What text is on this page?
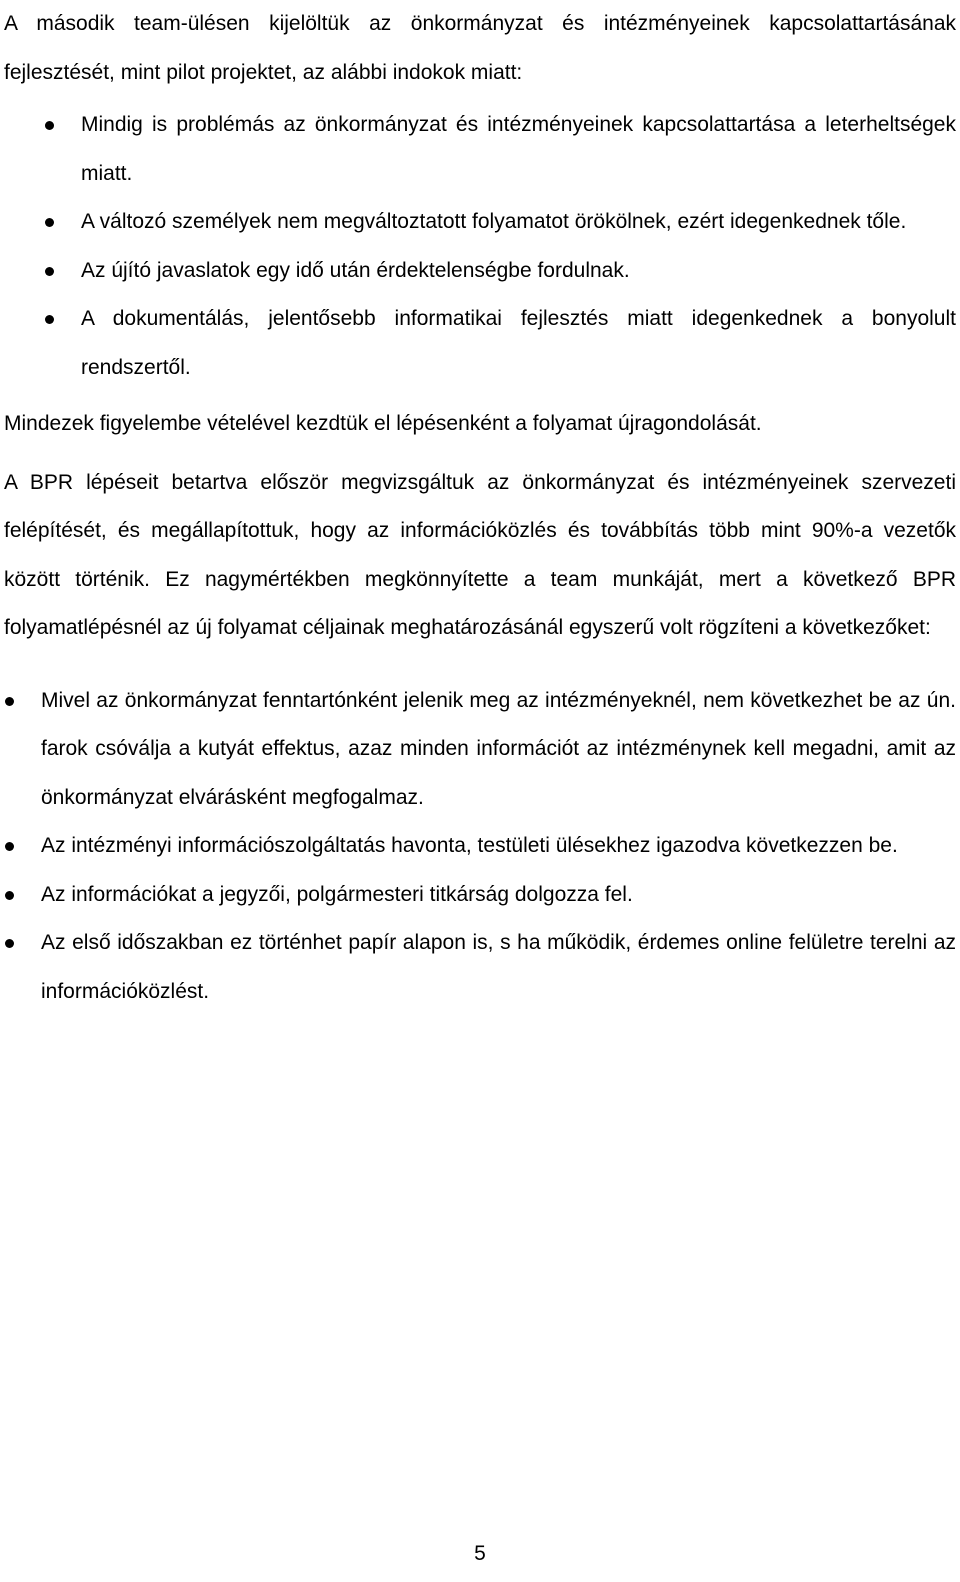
A második team-ülésen kijelöltük az önkormányzat és intézményeinek kapcsolattartásának fejlesztését, mint pilot projektet, az alábbi indokok miatt:

Mindig is problémás az önkormányzat és intézményeinek kapcsolattartása a leterheltségek miatt.
A változó személyek nem megváltoztatott folyamatot örökölnek, ezért idegenkednek tőle.
Az újító javaslatok egy idő után érdektelenségbe fordulnak.
A dokumentálás, jelentősebb informatikai fejlesztés miatt idegenkednek a bonyolult rendszertől.

Mindezek figyelembe vételével kezdtük el lépésenként a folyamat újragondolását.

A BPR lépéseit betartva először megvizsgáltuk az önkormányzat és intézményeinek szervezeti felépítését, és megállapítottuk, hogy az információközlés és továbbítás több mint 90%-a vezetők között történik. Ez nagymértékben megkönnyítette a team munkáját, mert a következő BPR folyamatlépésnél az új folyamat céljainak meghatározásánál egyszerű volt rögzíteni a következőket:

Mivel az önkormányzat fenntartónként jelenik meg az intézményeknél, nem következhet be az ún. farok csóválja a kutyát effektus, azaz minden információt az intézménynek kell megadni, amit az önkormányzat elvárásként megfogalmaz.
Az intézményi információszolgáltatás havonta, testületi ülésekhez igazodva következzen be.
Az információkat a jegyzői, polgármesteri titkárság dolgozza fel.
Az első időszakban ez történhet papír alapon is, s ha működik, érdemes online felületre terelni az információközlést.
5
